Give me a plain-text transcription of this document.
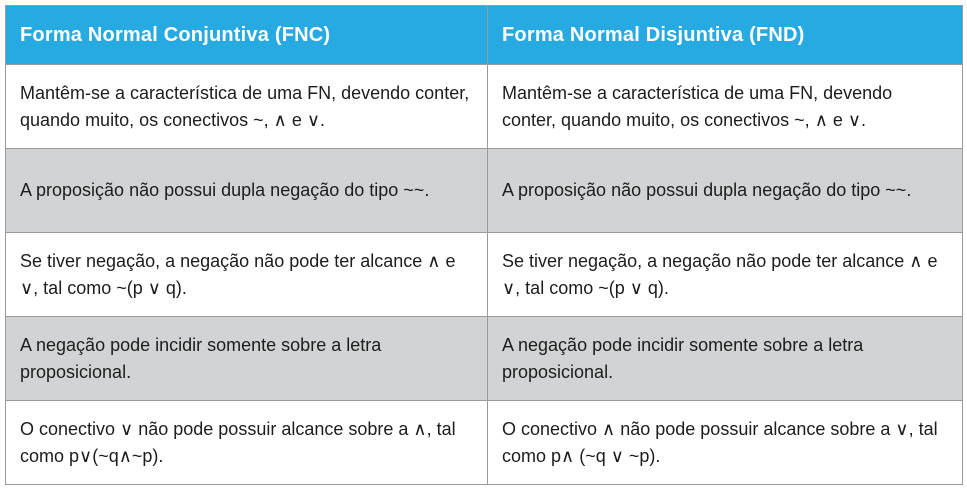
Forma Normal Conjuntiva (FNC)	Forma Normal Disjuntiva (FND)
Mantêm-se a característica de uma FN, devendo conter, quando muito, os conectivos ~, ∧ e ∨.	Mantêm-se a característica de uma FN, devendo conter, quando muito, os conectivos ~, ∧ e ∨.
A proposição não possui dupla negação do tipo ~~.	A proposição não possui dupla negação do tipo ~~.
Se tiver negação, a negação não pode ter alcance ∧ e ∨, tal como ~(p ∨ q).	Se tiver negação, a negação não pode ter alcance ∧ e ∨, tal como ~(p ∨ q).
A negação pode incidir somente sobre a letra proposicional.	A negação pode incidir somente sobre a letra proposicional.
O conectivo ∨ não pode possuir alcance sobre a ∧, tal como p∨(~q∧~p).	O conectivo ∧ não pode possuir alcance sobre a ∨, tal como p∧ (~q ∨ ~p).
